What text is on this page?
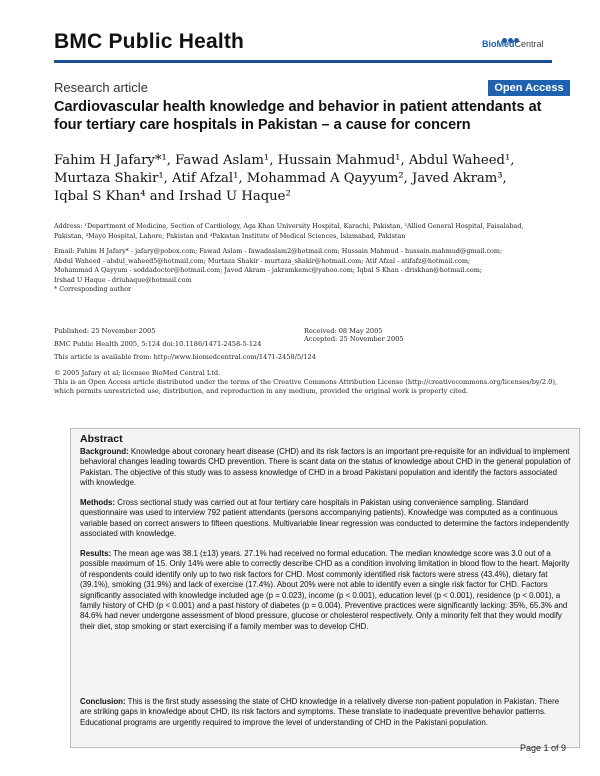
BMC Public Health	BioMedCentral
Research article	Open Access
Cardiovascular health knowledge and behavior in patient attendants at four tertiary care hospitals in Pakistan – a cause for concern
Fahim H Jafary*¹, Fawad Aslam¹, Hussain Mahmud¹, Abdul Waheed¹,
Murtaza Shakir¹, Atif Afzal¹, Mohammad A Qayyum², Javed Akram³,
Iqbal S Khan⁴ and Irshad U Haque²
Address: ¹Department of Medicine, Section of Cardiology, Aga Khan University Hospital, Karachi, Pakistan, ²Allied General Hospital, Faisalabad,
Pakistan, ³Mayo Hospital, Lahore, Pakistan and ⁴Pakistan Institute of Medical Sciences, Islamabad, Pakistan
Email: Fahim H Jafary* - jafary@pobox.com; Fawad Aslam - fawadaslam2@hotmail.com; Hussain Mahmud - hussain.mahmud@gmail.com;
Abdul Waheed - abdul_waheed5@hotmail.com; Murtaza Shakir - murtaza_shakir@hotmail.com; Atif Afzal - atifafz@hotmail.com;
Mohammad A Qayyum - soddadoctor@hotmail.com; Javed Akram - jakramkemc@yahoo.com; Iqbal S Khan - driskhan@hotmail.com;
Irshad U Haque - driuhaque@hotmail.com
* Corresponding author
Published: 25 November 2005	Received: 08 May 2005
BMC Public Health 2005, 5:124 doi:10.1186/1471-2458-5-124
Accepted: 25 November 2005
This article is available from: http://www.biomedcentral.com/1471-2458/5/124
© 2005 Jafary et al; licensee BioMed Central Ltd.
This is an Open Access article distributed under the terms of the Creative Commons Attribution License (http://creativecommons.org/licenses/by/2.0),
which permits unrestricted use, distribution, and reproduction in any medium, provided the original work is properly cited.
Abstract
Background: Knowledge about coronary heart disease (CHD) and its risk factors is an important pre-requisite for an individual to implement behavioral changes leading towards CHD prevention. There is scant data on the status of knowledge about CHD in the general population of Pakistan. The objective of this study was to assess knowledge of CHD in a broad Pakistani population and identify the factors associated with knowledge.
Methods: Cross sectional study was carried out at four tertiary care hospitals in Pakistan using convenience sampling. Standard questionnaire was used to interview 792 patient attendants (persons accompanying patients). Knowledge was computed as a continuous variable based on correct answers to fifteen questions. Multivariable linear regression was conducted to determine the factors independently associated with knowledge.
Results: The mean age was 38.1 (±13) years. 27.1% had received no formal education. The median knowledge score was 3.0 out of a possible maximum of 15. Only 14% were able to correctly describe CHD as a condition involving limitation in blood flow to the heart. Majority of respondents could identify only up to two risk factors for CHD. Most commonly identified risk factors were stress (43.4%), dietary fat (39.1%), smoking (31.9%) and lack of exercise (17.4%). About 20% were not able to identify even a single risk factor for CHD. Factors significantly associated with knowledge included age (p = 0.023), income (p < 0.001), education level (p < 0.001), residence (p < 0.001), a family history of CHD (p < 0.001) and a past history of diabetes (p = 0.004). Preventive practices were significantly lacking: 35%, 65.3% and 84.6% had never undergone assessment of blood pressure, glucose or cholesterol respectively. Only a minority felt that they would modify their diet, stop smoking or start exercising if a family member was to develop CHD.
Conclusion: This is the first study assessing the state of CHD knowledge in a relatively diverse non-patient population in Pakistan. There are striking gaps in knowledge about CHD, its risk factors and symptoms. These translate to inadequate preventive behavior patterns. Educational programs are urgently required to improve the level of understanding of CHD in the Pakistani population.
Page 1 of 9
